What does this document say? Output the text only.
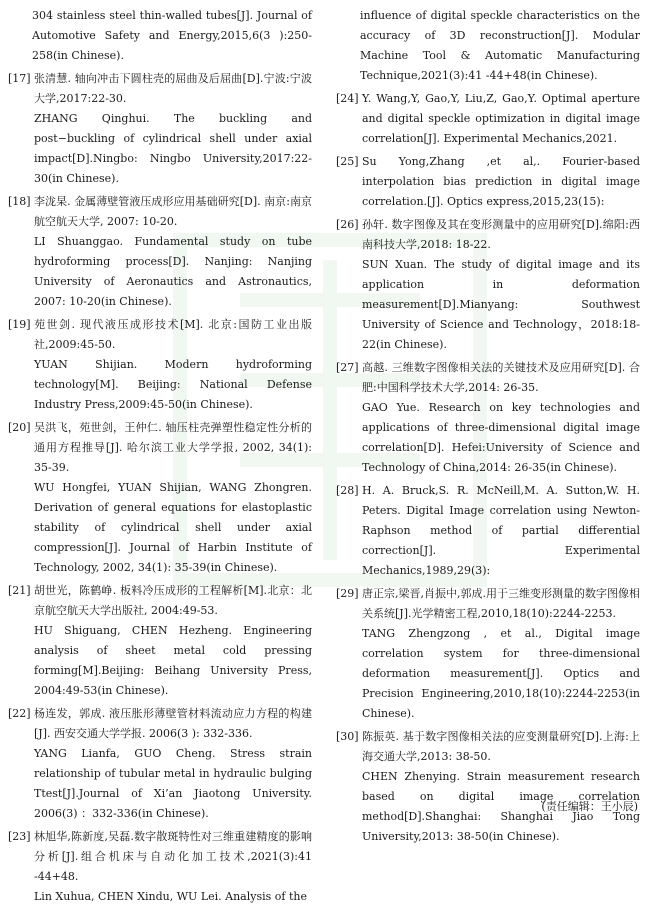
304 stainless steel thin-walled tubes[J]. Journal of Automotive Safety and Energy,2015,6(3 ):250-258(in Chinese).
[17] 张清慧. 轴向冲击下圆柱壳的屈曲及后屈曲[D].宁波:宁波大学,2017:22-30.
ZHANG Qinghui. The buckling and post−buckling of cylindrical shell under axial impact[D].Ningbo: Ningbo University,2017:22-30(in Chinese).
[18] 李泷杲. 金属薄壁管液压成形应用基础研究[D]. 南京:南京航空航天大学, 2007: 10-20.
LI Shuanggao. Fundamental study on tube hydroforming process[D]. Nanjing: Nanjing University of Aeronautics and Astronautics, 2007: 10-20(in Chinese).
[19] 苑世剑. 现代液压成形技术[M]. 北京:国防工业出版社,2009:45-50.
YUAN Shijian. Modern hydroforming technology[M]. Beijing: National Defense Industry Press,2009:45-50(in Chinese).
[20] 吴洪飞，苑世剑，王仲仁. 轴压柱壳弹塑性稳定性分析的通用方程推导[J]. 哈尔滨工业大学学报, 2002, 34(1): 35-39.
WU Hongfei, YUAN Shijian, WANG Zhongren. Derivation of general equations for elastoplastic stability of cylindrical shell under axial compression[J]. Journal of Harbin Institute of Technology, 2002, 34(1): 35-39(in Chinese).
[21] 胡世光，陈鹤峥. 板料冷压成形的工程解析[M].北京：北京航空航天大学出版社, 2004:49-53.
HU Shiguang, CHEN Hezheng. Engineering analysis of sheet metal cold pressing forming[M].Beijing: Beihang University Press, 2004:49-53(in Chinese).
[22] 杨连发，郭成. 液压胀形薄壁管材料流动应力方程的构建[J]. 西安交通大学学报. 2006(3 ): 332-336.
YANG Lianfa, GUO Cheng. Stress strain relationship of tubular metal in hydraulic bulging Ttest[J].Journal of Xi’an Jiaotong University. 2006(3) ：332-336(in Chinese).
[23] 林旭华,陈新度,吴磊.数字散斑特性对三维重建精度的影响分析[J].组合机床与自动化加工技术,2021(3):41 -44+48.
Lin Xuhua, CHEN Xindu, WU Lei. Analysis of the
influence of digital speckle characteristics on the accuracy of 3D reconstruction[J]. Modular Machine Tool & Automatic Manufacturing Technique,2021(3):41 -44+48(in Chinese).
[24] Y. Wang,Y, Gao,Y, Liu,Z, Gao,Y. Optimal aperture and digital speckle optimization in digital image correlation[J]. Experimental Mechanics,2021.
[25] Su Yong,Zhang ,et al,. Fourier-based interpolation bias prediction in digital image correlation.[J]. Optics express,2015,23(15):
[26] 孙轩. 数字图像及其在变形测量中的应用研究[D].绵阳:西南科技大学,2018: 18-22.
SUN Xuan. The study of digital image and its application in deformation measurement[D].Mianyang: Southwest University of Science and Technology，2018:18-22(in Chinese).
[27] 高越. 三维数字图像相关法的关键技术及应用研究[D]. 合肥:中国科学技术大学,2014: 26-35.
GAO Yue. Research on key technologies and applications of three-dimensional digital image correlation[D]. Hefei:University of Science and Technology of China,2014: 26-35(in Chinese).
[28] H. A. Bruck,S. R. McNeill,M. A. Sutton,W. H. Peters. Digital Image correlation using Newton-Raphson method of partial differential correction[J]. Experimental Mechanics,1989,29(3):
[29] 唐正宗,梁晋,肖振中,郭成.用于三维变形测量的数字图像相关系统[J].光学精密工程,2010,18(10):2244-2253.
TANG Zhengzong , et al., Digital image correlation system for three-dimensional deformation measurement[J]. Optics and Precision Engineering,2010,18(10):2244-2253(in Chinese).
[30] 陈振英. 基于数字图像相关法的应变测量研究[D].上海:上海交通大学,2013: 38-50.
CHEN Zhenying. Strain measurement research based on digital image correlation method[D].Shanghai: Shanghai Jiao Tong University,2013: 38-50(in Chinese).
(责任编辑：王小辰)
